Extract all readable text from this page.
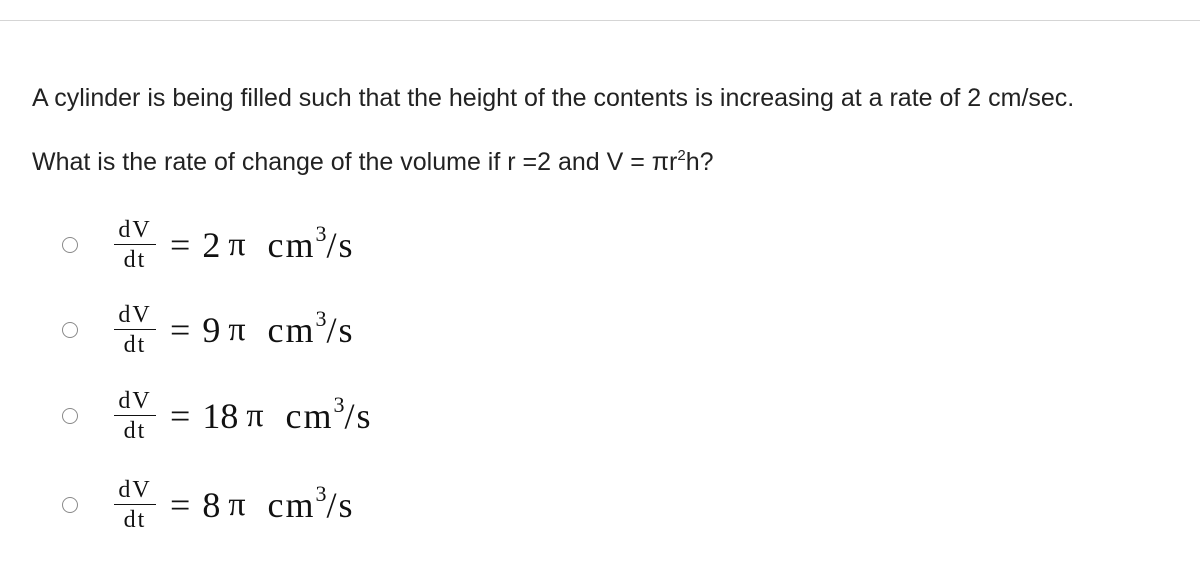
A cylinder is being filled such that the height of the contents is increasing at a rate of 2 cm/sec.
What is the rate of change of the volume if r =2 and $V = \pi r^2h$?
$\frac{dV}{dt} = 2$ π $cm^3/s$
$\frac{dV}{dt} = 9$ π $cm^3/s$
$\frac{dV}{dt} = 18$ π $cm^3/s$
$\frac{dV}{dt} = 8$ π $cm^3/s$
